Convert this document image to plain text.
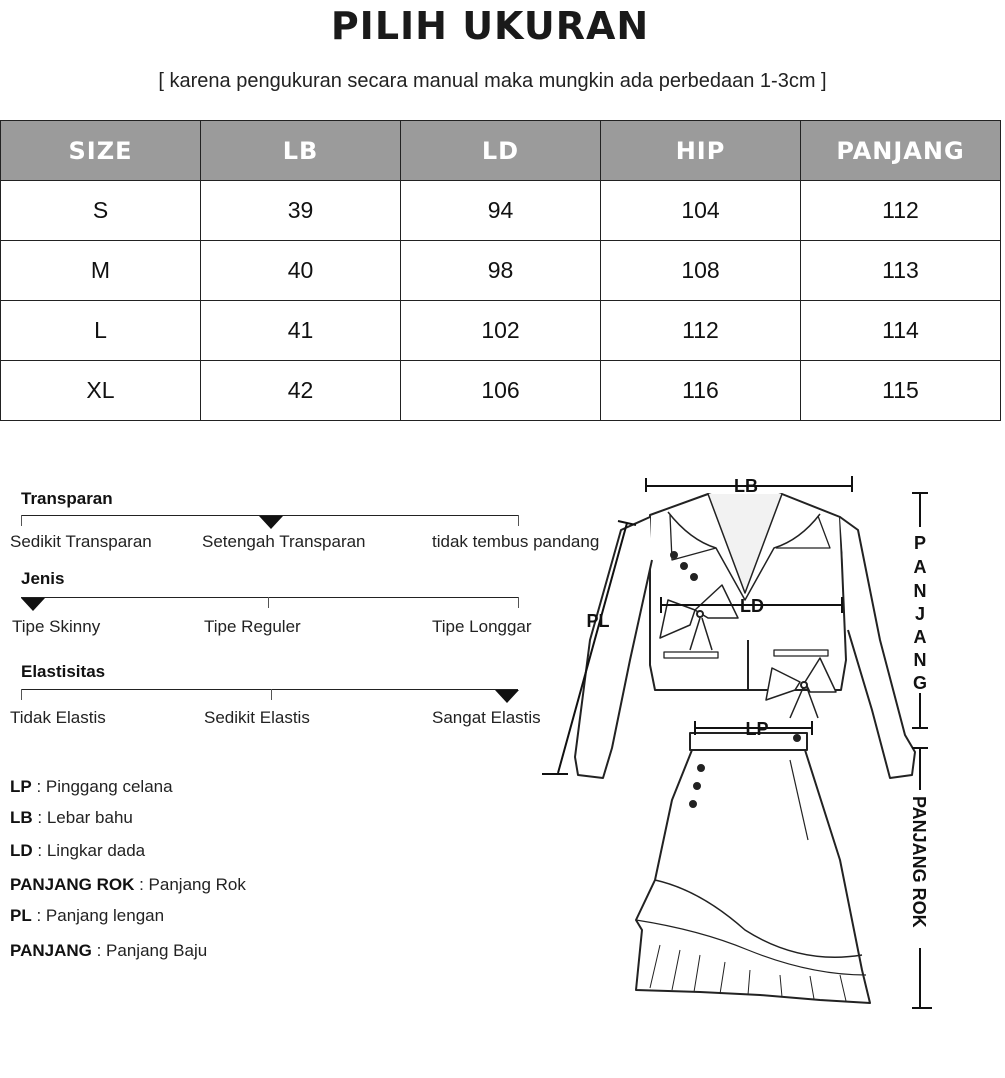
PILIH UKURAN
[ karena pengukuran secara manual maka mungkin ada perbedaan 1-3cm ]
SIZE	LB	LD	HIP	PANJANG
S	39	94	104	112
M	40	98	108	113
L	41	102	112	114
XL	42	106	116	115
Transparan
Sedikit Transparan	Setengah Transparan	tidak tembus pandang
Jenis
Tipe Skinny	Tipe Reguler	Tipe Longgar
Elastisitas
Tidak Elastis	Sedikit Elastis	Sangat Elastis
LP : Pinggang celana
LB : Lebar bahu
LD : Lingkar dada
PANJANG ROK : Panjang Rok
PL : Panjang lengan
PANJANG : Panjang Baju
LB
LD
PL
LP
P
A
N
J
A
N
G
PANJANG ROK
